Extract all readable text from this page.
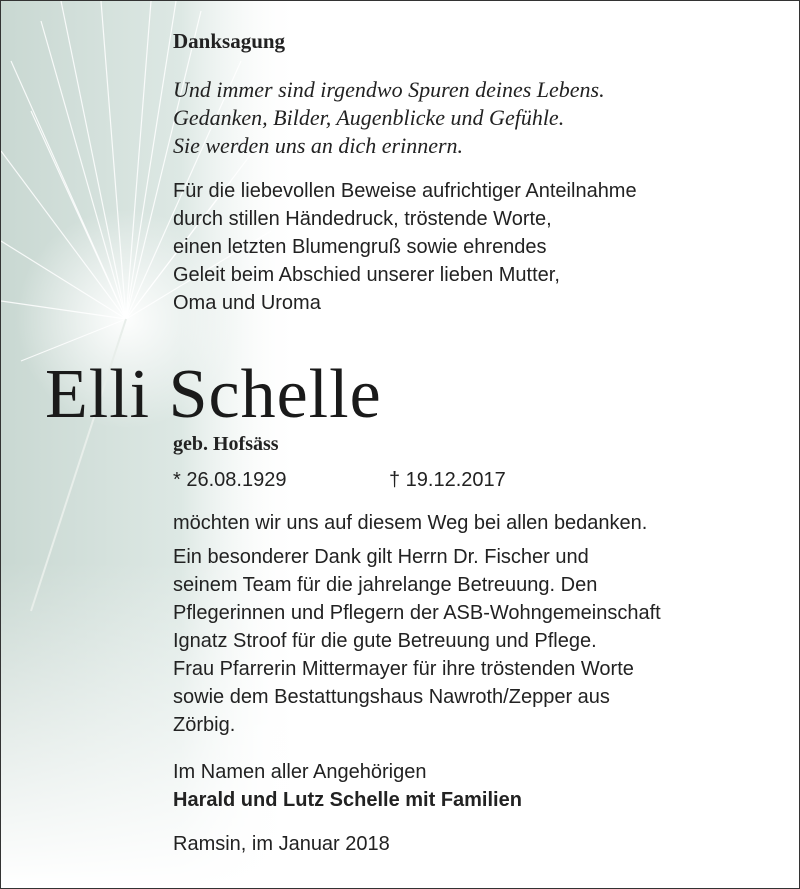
Danksagung
Und immer sind irgendwo Spuren deines Lebens.
Gedanken, Bilder, Augenblicke und Gefühle.
Sie werden uns an dich erinnern.
Für die liebevollen Beweise aufrichtiger Anteilnahme
durch stillen Händedruck, tröstende Worte,
einen letzten Blumengruß sowie ehrendes
Geleit beim Abschied unserer lieben Mutter,
Oma und Uroma
Elli Schelle
geb. Hofsäss
* 26.08.1929	† 19.12.2017
möchten wir uns auf diesem Weg bei allen bedanken.
Ein besonderer Dank gilt Herrn Dr. Fischer und
seinem Team für die jahrelange Betreuung. Den
Pflegerinnen und Pflegern der ASB-Wohngemeinschaft
Ignatz Stroof für die gute Betreuung und Pflege.
Frau Pfarrerin Mittermayer für ihre tröstenden Worte
sowie dem Bestattungshaus Nawroth/Zepper aus
Zörbig.
Im Namen aller Angehörigen
Harald und Lutz Schelle mit Familien
Ramsin, im Januar 2018
